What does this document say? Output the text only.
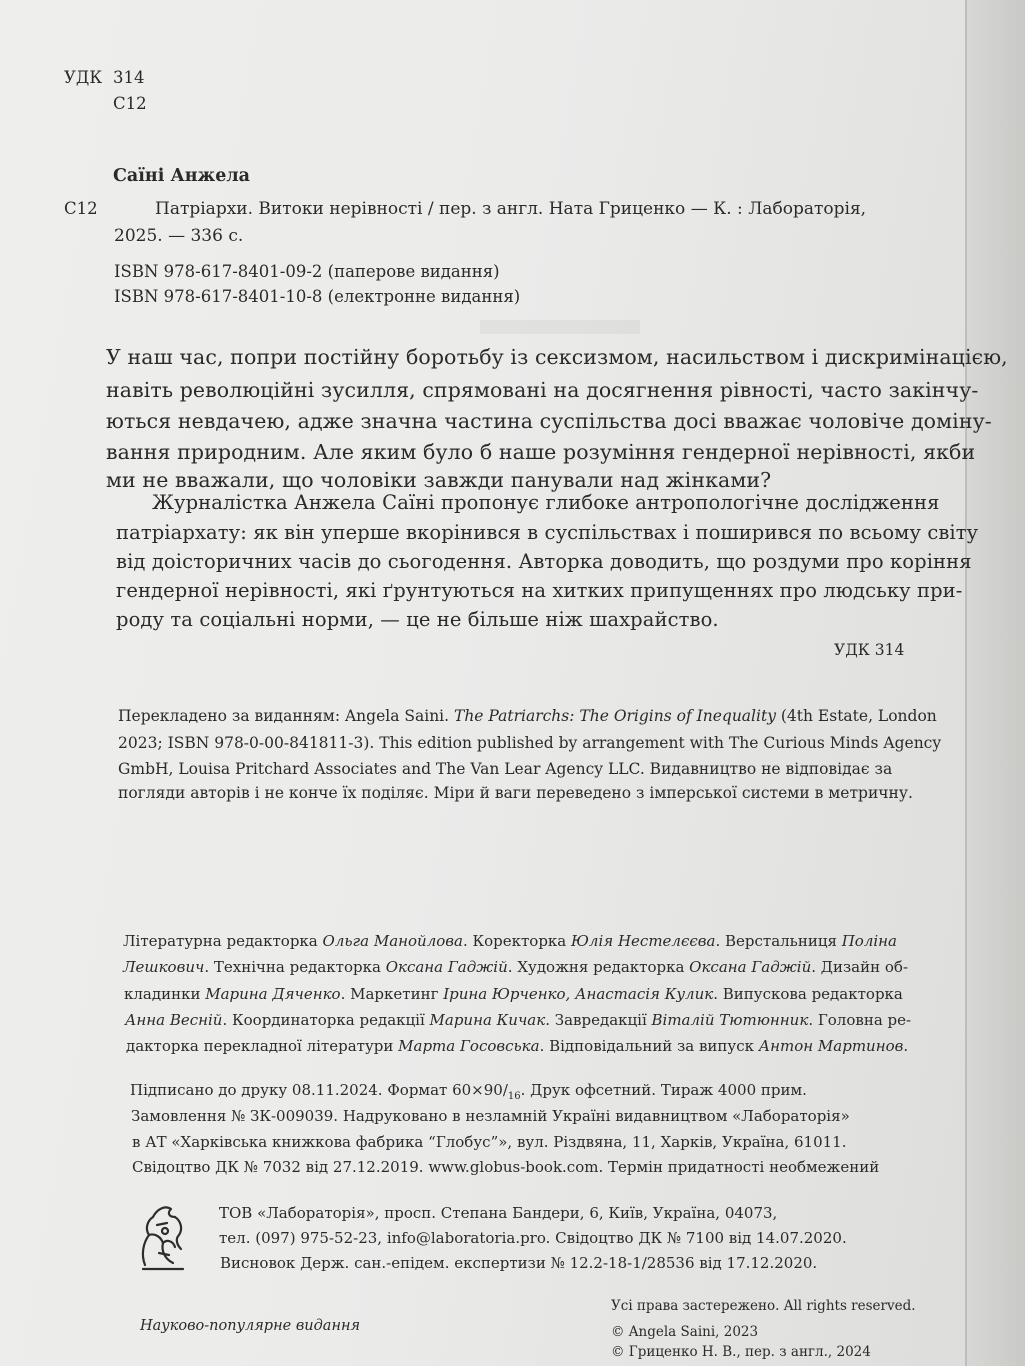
УДК 314
С12
Саїні Анжела
С12	Патріархи. Витоки нерівності / пер. з англ. Ната Гриценко — К. : Лабораторія,
2025. — 336 с.
ISBN 978-617-8401-09-2 (паперове видання)
ISBN 978-617-8401-10-8 (електронне видання)
У наш час, попри постійну боротьбу із сексизмом, насильством і дискримінацією,
навіть революційні зусилля, спрямовані на досягнення рівності, часто закінчу-
ються невдачею, адже значна частина суспільства досі вважає чоловіче доміну-
вання природним. Але яким було б наше розуміння гендерної нерівності, якби
ми не вважали, що чоловіки завжди панували над жінками?
Журналістка Анжела Саїні пропонує глибоке антропологічне дослідження
патріархату: як він уперше вкорінився в суспільствах і поширився по всьому світу
від доісторичних часів до сьогодення. Авторка доводить, що роздуми про коріння
гендерної нерівності, які ґрунтуються на хитких припущеннях про людську при-
роду та соціальні норми, — це не більше ніж шахрайство.
УДК 314
Перекладено за виданням: Angela Saini. The Patriarchs: The Origins of Inequality (4th Estate, London
2023; ISBN 978-0-00-841811-3). This edition published by arrangement with The Curious Minds Agency
GmbH, Louisa Pritchard Associates and The Van Lear Agency LLC. Видавництво не відповідає за
погляди авторів і не конче їх поділяє. Міри й ваги переведено з імперської системи в метричну.
Літературна редакторка Ольга Манойлова. Коректорка Юлія Нестелєєва. Верстальниця Поліна
Лешкович. Технічна редакторка Оксана Гаджій. Художня редакторка Оксана Гаджій. Дизайн об-
кладинки Марина Дяченко. Маркетинг Ірина Юрченко, Анастасія Кулик. Випускова редакторка
Анна Весній. Координаторка редакції Марина Кичак. Завредакції Віталій Тютюнник. Головна ре-
дакторка перекладної літератури Марта Госовська. Відповідальний за випуск Антон Мартинов.
Підписано до друку 08.11.2024. Формат $60\times 90/_{16}$. Друк офсетний. Тираж 4000 прим.
Замовлення № ЗК-009039. Надруковано в незламній Україні видавництвом «Лабораторія»
в АТ «Харківська книжкова фабрика “Глобус”», вул. Різдвяна, 11, Харків, Україна, 61011.
Свідоцтво ДК № 7032 від 27.12.2019. www.globus-book.com. Термін придатності необмежений
ТОВ «Лабораторія», просп. Степана Бандери, 6, Київ, Україна, 04073,
тел. (097) 975-52-23, info@laboratoria.pro. Свідоцтво ДК № 7100 від 14.07.2020.
Висновок Держ. сан.-епідем. експертизи № 12.2-18-1/28536 від 17.12.2020.
Науково-популярне видання
Усі права застережено. All rights reserved.
© Angela Saini, 2023
© Гриценко Н. В., пер. з англ., 2024
